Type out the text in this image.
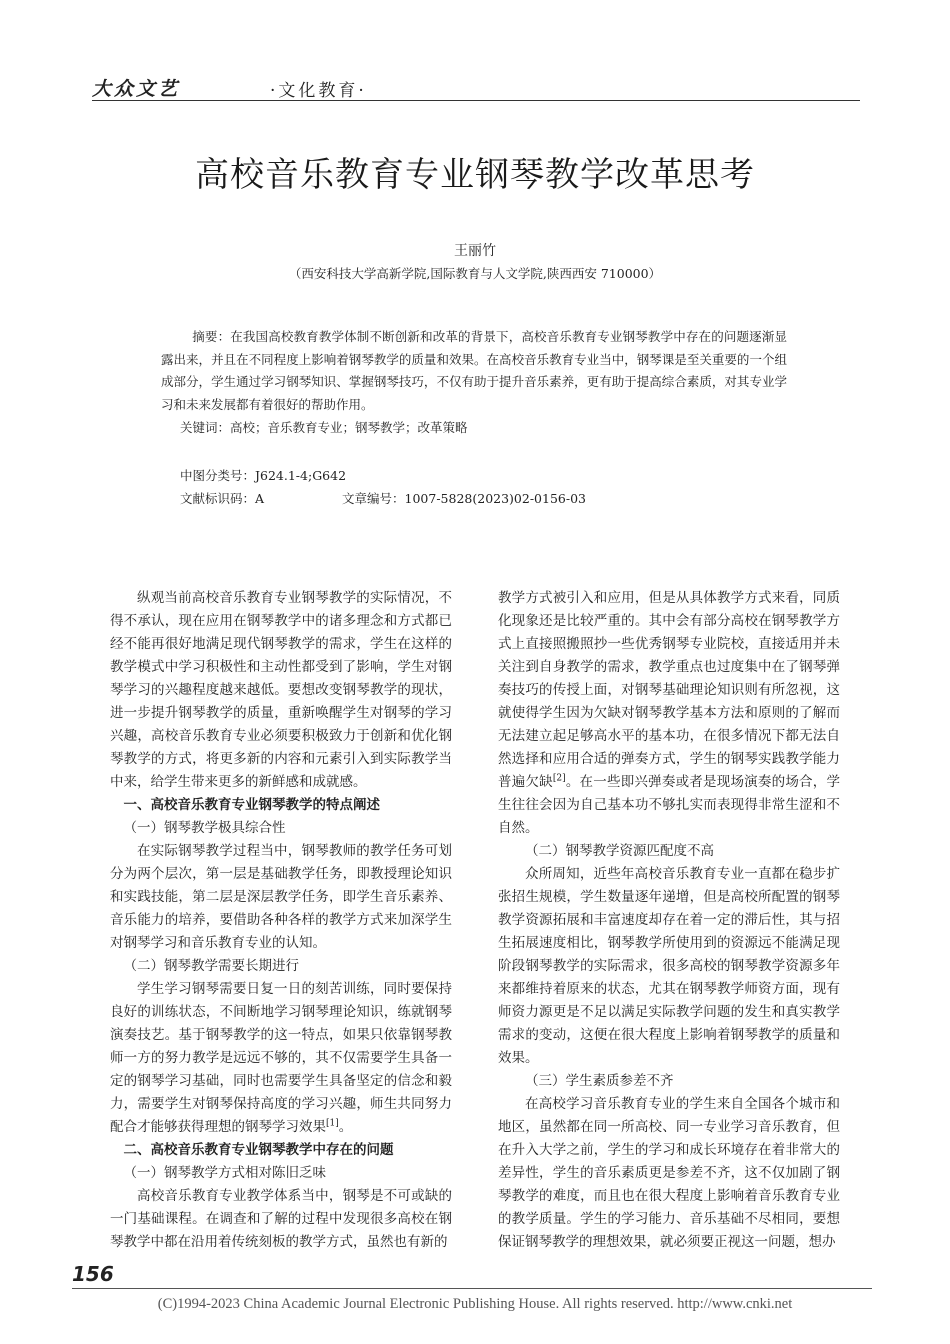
大众文艺	·文化教育·
高校音乐教育专业钢琴教学改革思考
王丽竹
（西安科技大学高新学院,国际教育与人文学院,陕西西安 710000）
摘要：在我国高校教育教学体制不断创新和改革的背景下，高校音乐教育专业钢琴教学中存在的问题逐渐显露出来，并且在不同程度上影响着钢琴教学的质量和效果。在高校音乐教育专业当中，钢琴课是至关重要的一个组成部分，学生通过学习钢琴知识、掌握钢琴技巧，不仅有助于提升音乐素养，更有助于提高综合素质，对其专业学习和未来发展都有着很好的帮助作用。
关键词：高校；音乐教育专业；钢琴教学；改革策略
中图分类号：J624.1-4;G642
文献标识码：A	文章编号：1007-5828(2023)02-0156-03

纵观当前高校音乐教育专业钢琴教学的实际情况，不得不承认，现在应用在钢琴教学中的诸多理念和方式都已经不能再很好地满足现代钢琴教学的需求，学生在这样的教学模式中学习积极性和主动性都受到了影响，学生对钢琴学习的兴趣程度越来越低。要想改变钢琴教学的现状，进一步提升钢琴教学的质量，重新唤醒学生对钢琴的学习兴趣，高校音乐教育专业必须要积极致力于创新和优化钢琴教学的方式，将更多新的内容和元素引入到实际教学当中来，给学生带来更多的新鲜感和成就感。

一、高校音乐教育专业钢琴教学的特点阐述
（一）钢琴教学极具综合性

在实际钢琴教学过程当中，钢琴教师的教学任务可划分为两个层次，第一层是基础教学任务，即教授理论知识和实践技能，第二层是深层教学任务，即学生音乐素养、音乐能力的培养，要借助各种各样的教学方式来加深学生对钢琴学习和音乐教育专业的认知。

（二）钢琴教学需要长期进行

学生学习钢琴需要日复一日的刻苦训练，同时要保持良好的训练状态，不间断地学习钢琴理论知识，练就钢琴演奏技艺。基于钢琴教学的这一特点，如果只依靠钢琴教师一方的努力教学是远远不够的，其不仅需要学生具备一定的钢琴学习基础，同时也需要学生具备坚定的信念和毅力，需要学生对钢琴保持高度的学习兴趣，师生共同努力配合才能够获得理想的钢琴学习效果[1]。

二、高校音乐教育专业钢琴教学中存在的问题
（一）钢琴教学方式相对陈旧乏味

高校音乐教育专业教学体系当中，钢琴是不可或缺的一门基础课程。在调查和了解的过程中发现很多高校在钢琴教学中都在沿用着传统刻板的教学方式，虽然也有新的

教学方式被引入和应用，但是从具体教学方式来看，同质化现象还是比较严重的。其中会有部分高校在钢琴教学方式上直接照搬照抄一些优秀钢琴专业院校，直接适用并未关注到自身教学的需求，教学重点也过度集中在了钢琴弹奏技巧的传授上面，对钢琴基础理论知识则有所忽视，这就使得学生因为欠缺对钢琴教学基本方法和原则的了解而无法建立起足够高水平的基本功，在很多情况下都无法自然选择和应用合适的弹奏方式，学生的钢琴实践教学能力普遍欠缺[2]。在一些即兴弹奏或者是现场演奏的场合，学生往往会因为自己基本功不够扎实而表现得非常生涩和不自然。

（二）钢琴教学资源匹配度不高

众所周知，近些年高校音乐教育专业一直都在稳步扩张招生规模，学生数量逐年递增，但是高校所配置的钢琴教学资源拓展和丰富速度却存在着一定的滞后性，其与招生拓展速度相比，钢琴教学所使用到的资源远不能满足现阶段钢琴教学的实际需求，很多高校的钢琴教学资源多年来都维持着原来的状态，尤其在钢琴教学师资方面，现有师资力源更是不足以满足实际教学问题的发生和真实教学需求的变动，这便在很大程度上影响着钢琴教学的质量和效果。

（三）学生素质参差不齐

在高校学习音乐教育专业的学生来自全国各个城市和地区，虽然都在同一所高校、同一专业学习音乐教育，但在升入大学之前，学生的学习和成长环境存在着非常大的差异性，学生的音乐素质更是参差不齐，这不仅加剧了钢琴教学的难度，而且也在很大程度上影响着音乐教育专业的教学质量。学生的学习能力、音乐基础不尽相同，要想保证钢琴教学的理想效果，就必须要正视这一问题，想办

156
(C)1994-2023 China Academic Journal Electronic Publishing House. All rights reserved. http://www.cnki.net
